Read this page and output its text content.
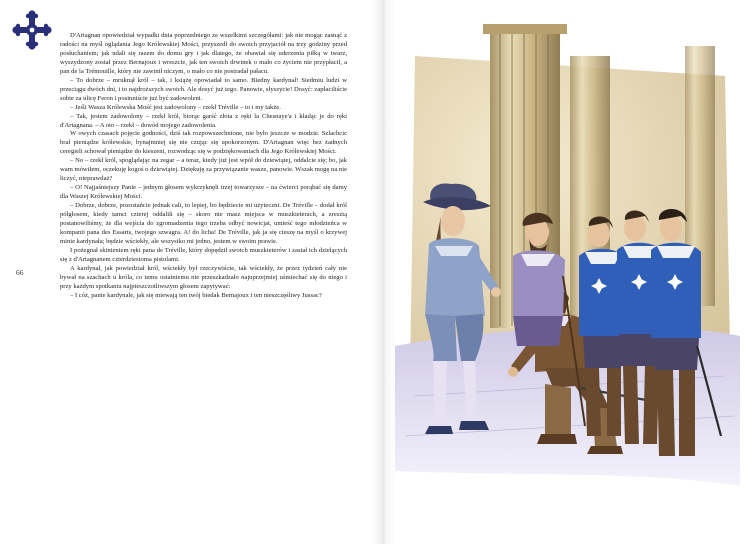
66

D'Artagnan opowiedział wypadki dnia poprzedniego ze wszelkimi szczegółami: jak nie mogąc zasnąć z radości na myśl oglądania Jego Królewskiej Mości, przyszedł do swoich przyjaciół na trzy godziny przed posłuchaniem; jak udali się razem do domu gry i jak dlatego, że obawiał się uderzenia piłką w twarz, wyszydzony został przez Bernajoux i wreszcie, jak ten swoich drwinek o mało co życiem nie przypłacił, a pan de la Trémouille, który nie zawinił niczym, o mało co nie postradał pałacu.

– To dobrze – mruknął król – tak, i książę opowiadał to samo. Biedny kardynał! Siedmiu ludzi w przeciągu dwóch dni, i to najdroższych swoich. Ale dosyć już tego. Panowie, słyszycie! Dosyć: zapłaciliście sobie za ulicę Feron i posinniście już być zadowoleni.

– Jeśli Wasza Królewska Mość jest zadowolony – rzekł Tréville – to i my także.

– Tak, jestem zadowolony – rzekł król, biorąc garść złota z ręki la Chesnaye'a i kładąc je do ręki d'Artagnana. – A oto – rzekł – dowód mojego zadowolenia.

W owych czasach pojęcie godności, dziś tak rozpowszechnione, nie było jeszcze w modzie. Szlachcic brał pieniądze królewskie, bynajmniej się nie czując się upokorzonym. D'Artagnan więc bez żadnych ceregieli schował pieniądze do kieszeni, rozwodząc się w podziękowaniach dla Jego Królewskiej Mości.

– No – rzekł król, spoglądając na zegar – a teraz, kiedy już jest wpół do dziewiątej, oddalcie się; bo, jak wam mówiłem, oczekuję kogoś o dziewiątej. Dziękuję za przywiązanie wasze, panowie. Wszak mogę na nie liczyć, nieprawdaż?

– O! Najjaśniejszy Panie – jednym głosem wykrzyknęli trzej towarzysze – na ćwierci porąbać się damy dla Waszej Królewskiej Mości.

– Dobrze, dobrze, pozostańcie jednak cali, to lepiej, bo będziecie mi użyteczni. De Tréville – dodał król półgłosem, kiedy tamci czterej oddalili się – skoro nie masz miejsca w muszkieterach, a zresztą postanowiliśmy, że dla wejścia do zgromadzenia tego trzeba odbyć nowicjat, umieść tego młodzieńca w kompanii pana des Essarts, twojego szwagra. A! do licha! De Tréville, jak ja się cieszę na myśl o krzywej minie kardynała; będzie wściekły, ale wszystko mi jedno, jestem w swoim prawie.

I pożegnał skinieniem ręki pana de Tréville, który dopędził swoich muszkieterów i zastał ich dzielących się z d'Artagnanem czterdziestoma pistolami.

A kardynał, jak powiedział król, wściekły był rzeczywiście, tak wściekły, że przez tydzień cały nie bywał na szachach u króla, co temu ostatniemu nie przeszkadzało najuprzejmiej uśmiechać się do niego i przy każdym spotkaniu najpieszczotliwszym głosem zapytywać:

– I cóż, panie kardynale, jak się miewają ten twój biedak Bernajoux i ten nieszczęśliwy Jussac?
